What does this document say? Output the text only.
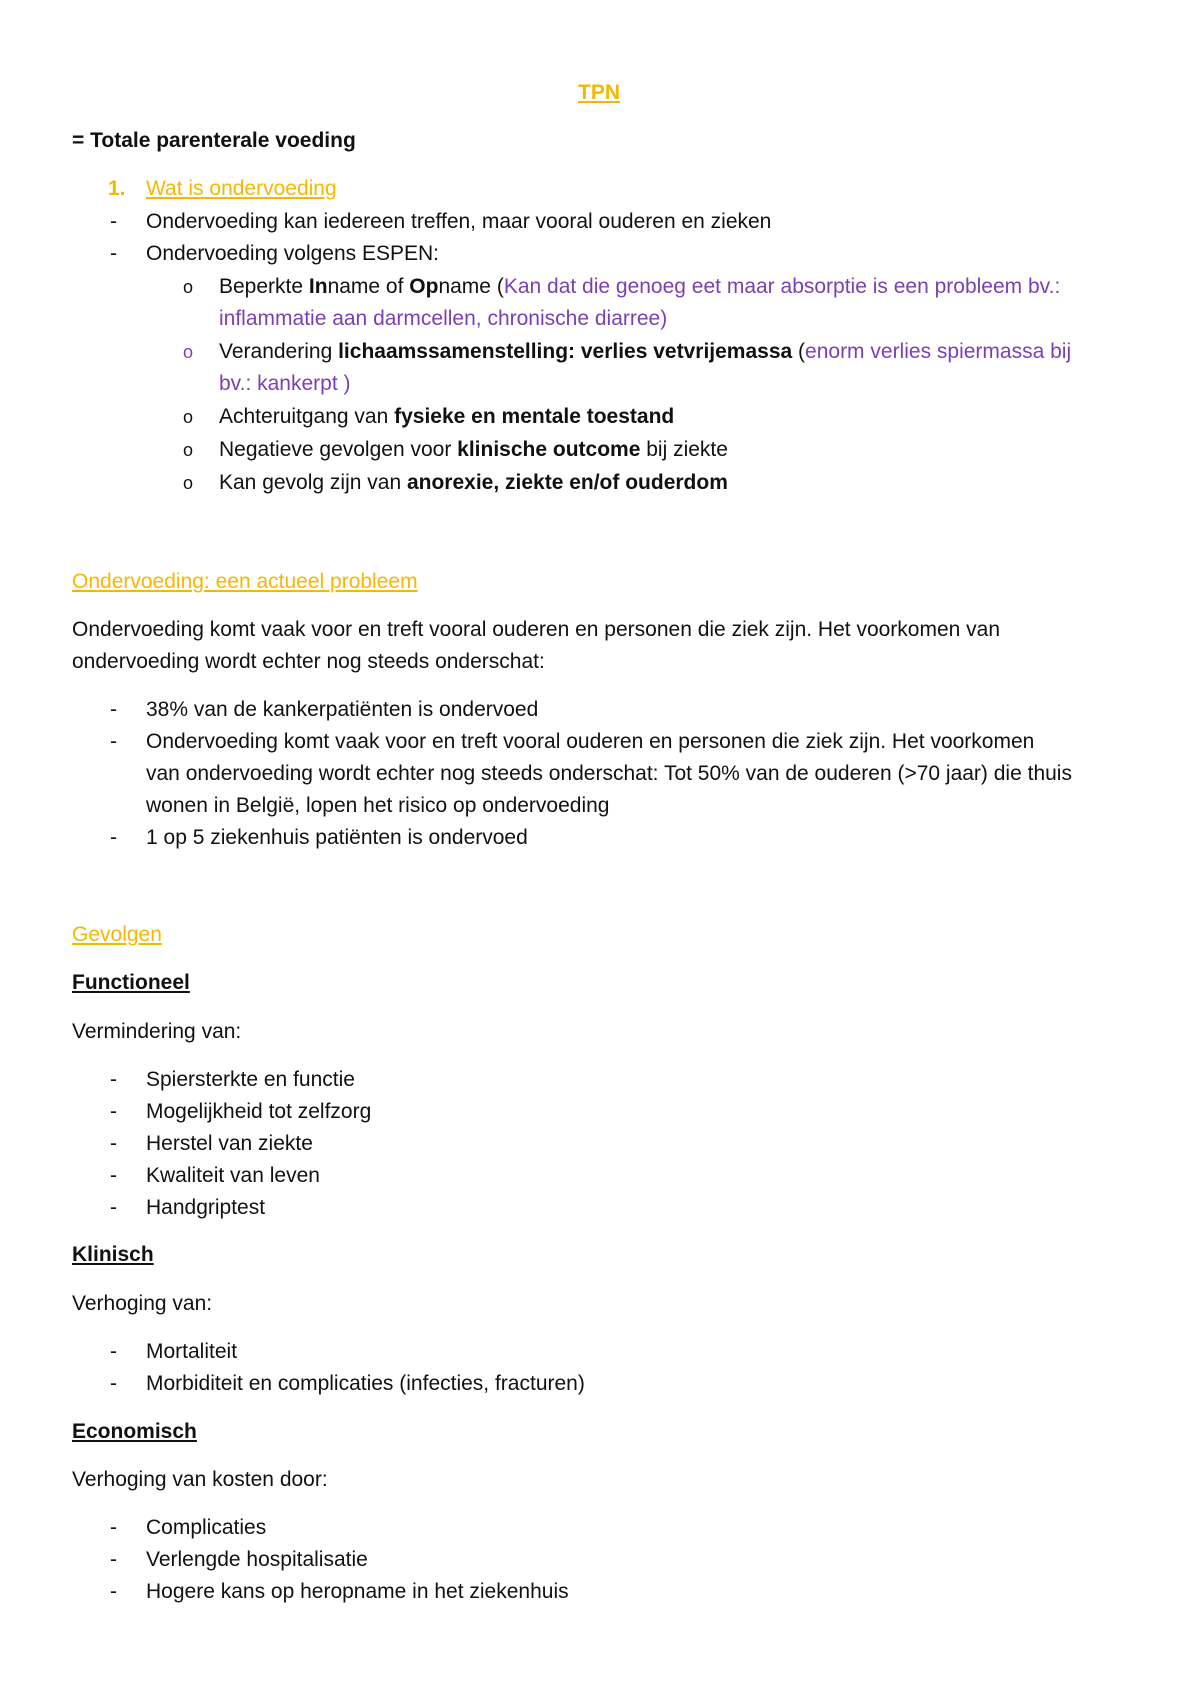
TPN
= Totale parenterale voeding
1. Wat is ondervoeding
- Ondervoeding kan iedereen treffen, maar vooral ouderen en zieken
- Ondervoeding volgens ESPEN:
o Beperkte Inname of Opname (Kan dat die genoeg eet maar absorptie is een probleem bv.:
inflammatie aan darmcellen, chronische diarree)
o Verandering lichaamssamenstelling: verlies vetvrijemassa (enorm verlies spiermassa bij
bv.: kankerpt )
o Achteruitgang van fysieke en mentale toestand
o Negatieve gevolgen voor klinische outcome bij ziekte
o Kan gevolg zijn van anorexie, ziekte en/of ouderdom
Ondervoeding: een actueel probleem
Ondervoeding komt vaak voor en treft vooral ouderen en personen die ziek zijn. Het voorkomen van
ondervoeding wordt echter nog steeds onderschat:
- 38% van de kankerpatiënten is ondervoed
- Ondervoeding komt vaak voor en treft vooral ouderen en personen die ziek zijn. Het voorkomen
van ondervoeding wordt echter nog steeds onderschat: Tot 50% van de ouderen (>70 jaar) die thuis
wonen in België, lopen het risico op ondervoeding
- 1 op 5 ziekenhuis patiënten is ondervoed
Gevolgen
Functioneel
Vermindering van:
- Spiersterkte en functie
- Mogelijkheid tot zelfzorg
- Herstel van ziekte
- Kwaliteit van leven
- Handgriptest
Klinisch
Verhoging van:
- Mortaliteit
- Morbiditeit en complicaties (infecties, fracturen)
Economisch
Verhoging van kosten door:
- Complicaties
- Verlengde hospitalisatie
- Hogere kans op heropname in het ziekenhuis
